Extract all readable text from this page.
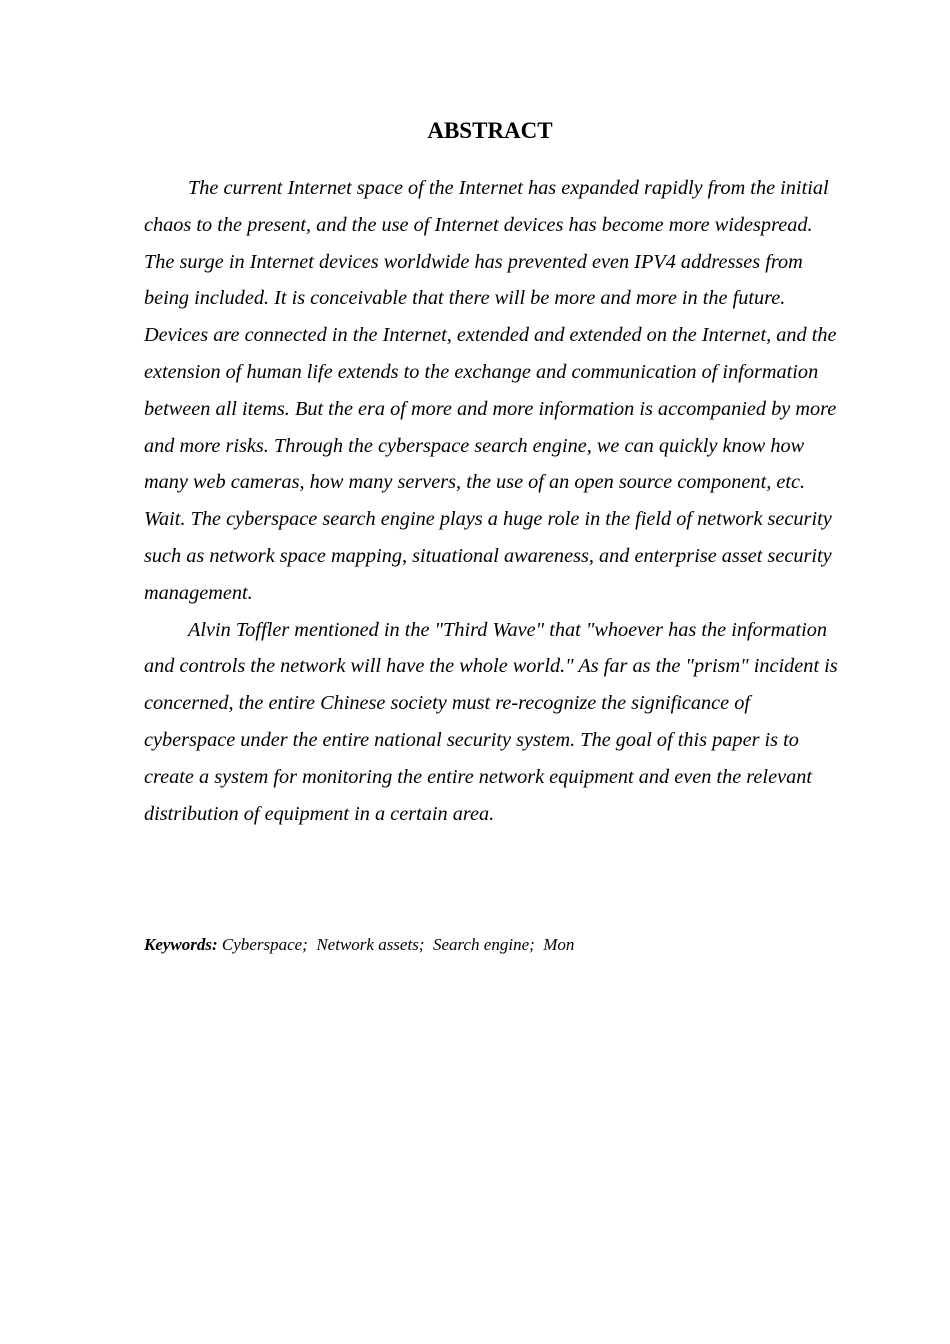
ABSTRACT

The current Internet space of the Internet has expanded rapidly from the initial chaos to the present, and the use of Internet devices has become more widespread. The surge in Internet devices worldwide has prevented even IPV4 addresses from being included. It is conceivable that there will be more and more in the future. Devices are connected in the Internet, extended and extended on the Internet, and the extension of human life extends to the exchange and communication of information between all items. But the era of more and more information is accompanied by more and more risks. Through the cyberspace search engine, we can quickly know how many web cameras, how many servers, the use of an open source component, etc. Wait. The cyberspace search engine plays a huge role in the field of network security such as network space mapping, situational awareness, and enterprise asset security management.

Alvin Toffler mentioned in the "Third Wave" that "whoever has the information and controls the network will have the whole world." As far as the "prism" incident is concerned, the entire Chinese society must re-recognize the significance of cyberspace under the entire national security system. The goal of this paper is to create a system for monitoring the entire network equipment and even the relevant distribution of equipment in a certain area.

Keywords: Cyberspace;  Network assets;  Search engine;  Mon
